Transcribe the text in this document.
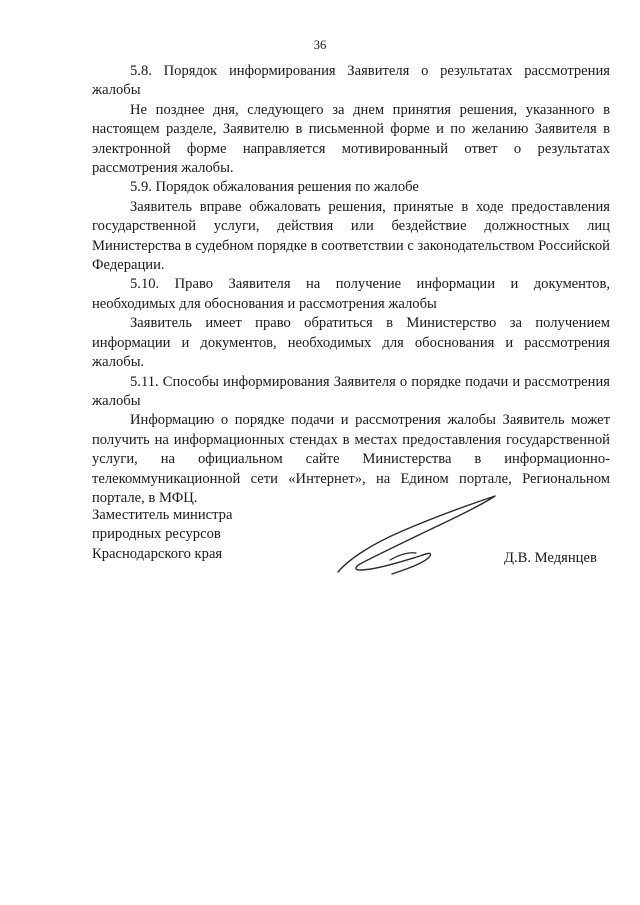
36

5.8. Порядок информирования Заявителя о результатах рассмотрения жалобы

Не позднее дня, следующего за днем принятия решения, указанного в настоящем разделе, Заявителю в письменной форме и по желанию Заявителя в электронной форме направляется мотивированный ответ о результатах рассмотрения жалобы.

5.9. Порядок обжалования решения по жалобе

Заявитель вправе обжаловать решения, принятые в ходе предоставления государственной услуги, действия или бездействие должностных лиц Министерства в судебном порядке в соответствии с законодательством Российской Федерации.

5.10. Право Заявителя на получение информации и документов, необходимых для обоснования и рассмотрения жалобы

Заявитель имеет право обратиться в Министерство за получением информации и документов, необходимых для обоснования и рассмотрения жалобы.

5.11. Способы информирования Заявителя о порядке подачи и рассмотрения жалобы

Информацию о порядке подачи и рассмотрения жалобы Заявитель может получить на информационных стендах в местах предоставления государственной услуги, на официальном сайте Министерства в информационно-телекоммуникационной сети «Интернет», на Едином портале, Региональном портале, в МФЦ.

Заместитель министра
природных ресурсов
Краснодарского края	Д.В. Медянцев
